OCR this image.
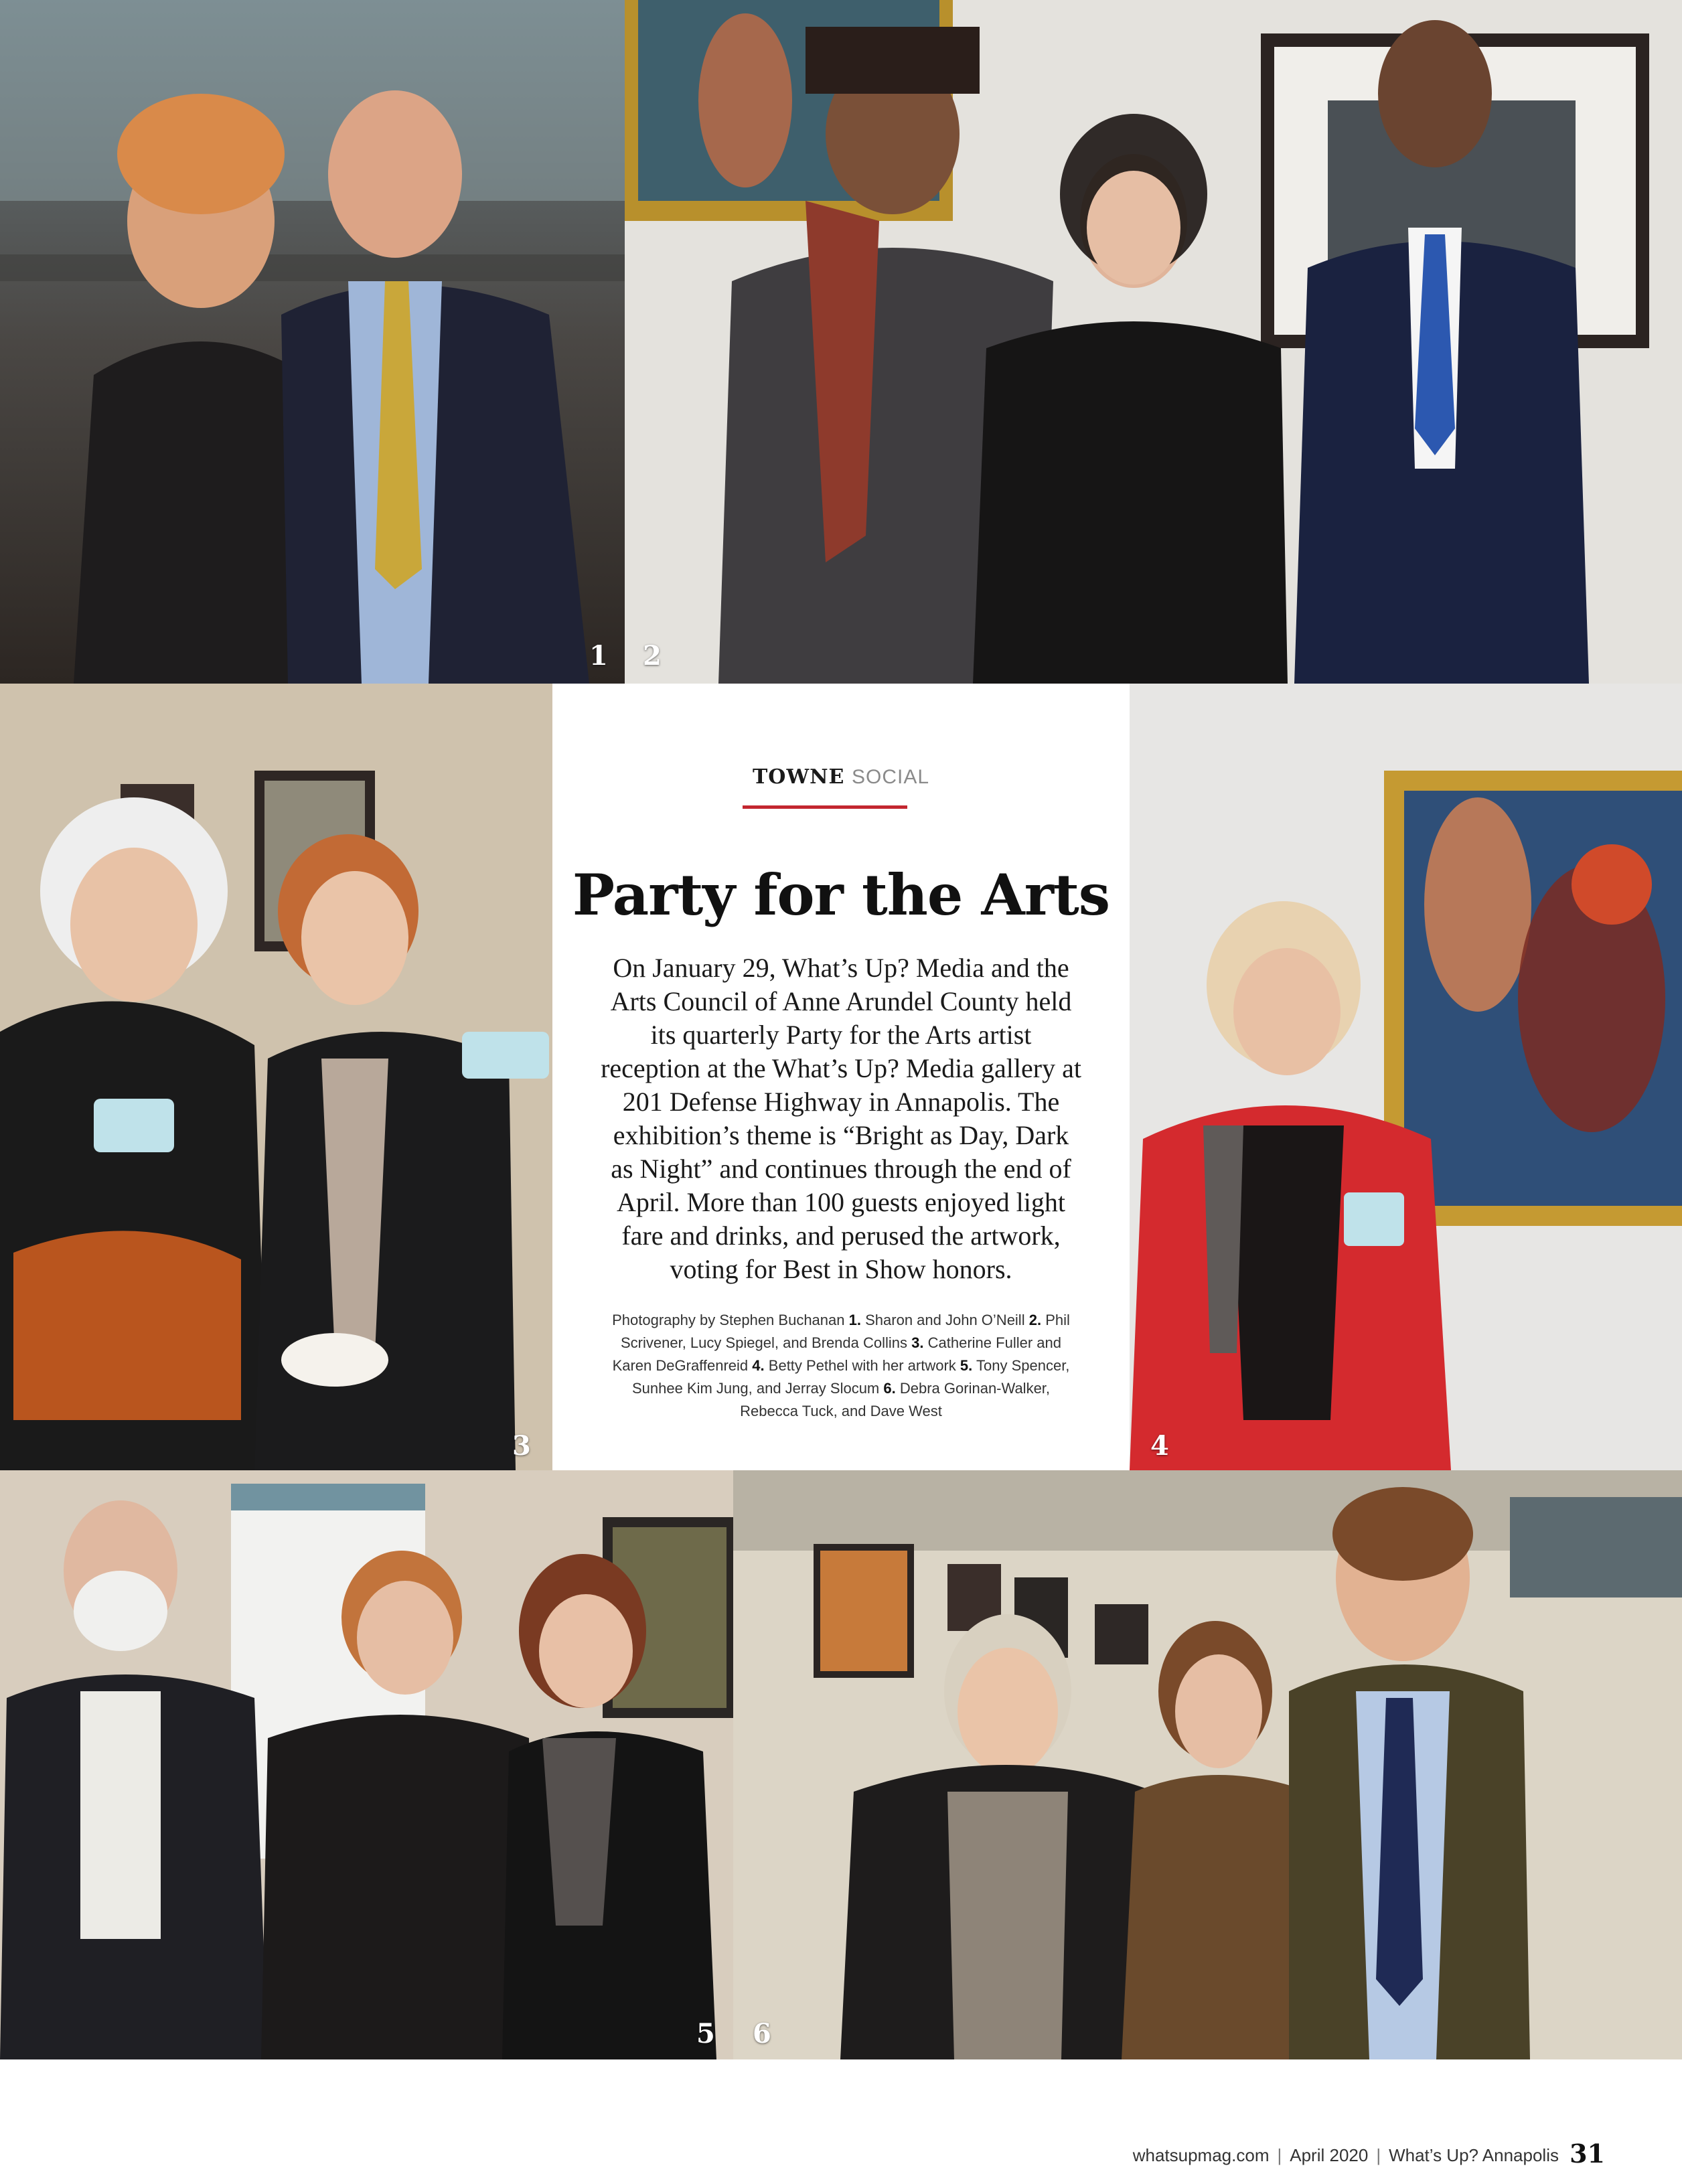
1 2
3	4
5 6
TOWNE SOCIAL
Party for the Arts
On January 29, What’s Up? Media and the Arts Council of Anne Arundel County held its quarterly Party for the Arts artist reception at the What’s Up? Media gallery at 201 Defense Highway in Annapolis. The exhibition’s theme is “Bright as Day, Dark as Night” and continues through the end of April. More than 100 guests enjoyed light fare and drinks, and perused the artwork, voting for Best in Show honors.
Photography by Stephen Buchanan 1. Sharon and John O’Neill 2. Phil Scrivener, Lucy Spiegel, and Brenda Collins 3. Catherine Fuller and Karen DeGraffenreid 4. Betty Pethel with her artwork 5. Tony Spencer, Sunhee Kim Jung, and Jerray Slocum 6. Debra Gorinan-Walker, Rebecca Tuck, and Dave West
whatsupmag.com | April 2020 | What’s Up? Annapolis 31
